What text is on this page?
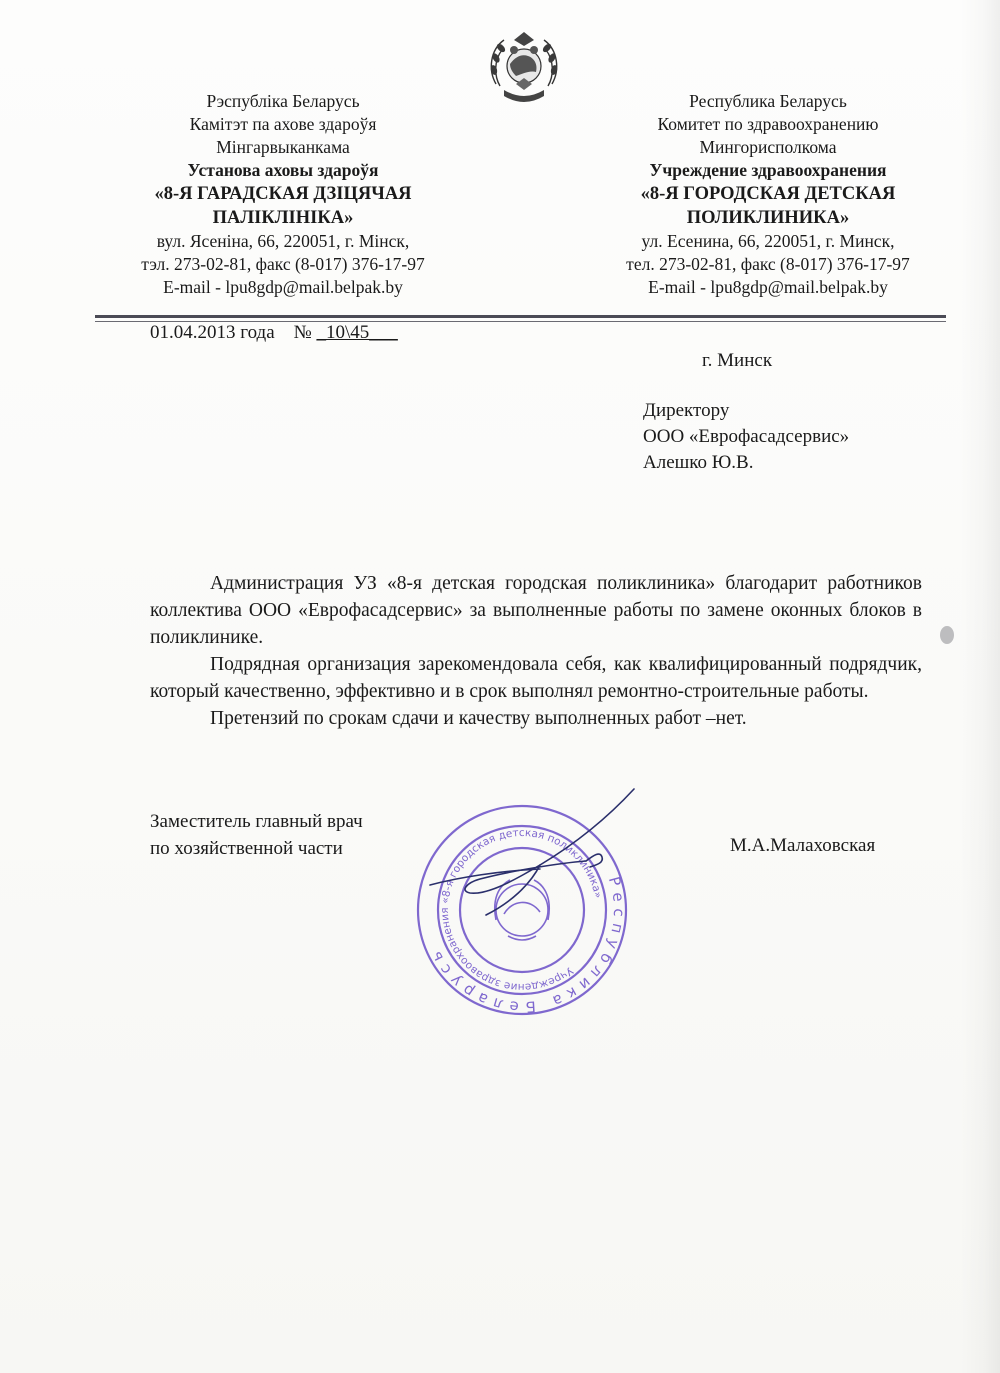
Рэспубліка Беларусь
Камітэт па ахове здароўя
Мінгарвыканкама
Установа аховы здароўя
«8-Я ГАРАДСКАЯ ДЗІЦЯЧАЯ
ПАЛІКЛІНІКА»
вул. Ясеніна, 66, 220051, г. Мінск,
тэл. 273-02-81, факс (8-017) 376-17-97
E-mail - lpu8gdp@mail.belpak.by
Республика Беларусь
Комитет по здравоохранению
Мингорисполкома
Учреждение здравоохранения
«8-Я ГОРОДСКАЯ ДЕТСКАЯ
ПОЛИКЛИНИКА»
ул. Есенина, 66, 220051, г. Минск,
тел. 273-02-81, факс (8-017) 376-17-97
E-mail - lpu8gdp@mail.belpak.by
01.04.2013 года № _10\45___
г. Минск
Директору
ООО «Еврофасадсервис»
Алешко Ю.В.

Администрация УЗ «8-я детская городская поликлиника» благодарит работников коллектива ООО «Еврофасадсервис» за выполненные работы по замене оконных блоков в поликлинике.

Подрядная организация зарекомендовала себя, как квалифицированный подрядчик, который качественно, эффективно и в срок выполнял ремонтно-строительные работы.

Претензий по срокам сдачи и качеству выполненных работ –нет.

Заместитель главный врач
по хозяйственной части	М.А.Малаховская
Республика Беларусь
Учреждение здравоохранения «8-я городская детская поликлиника»
